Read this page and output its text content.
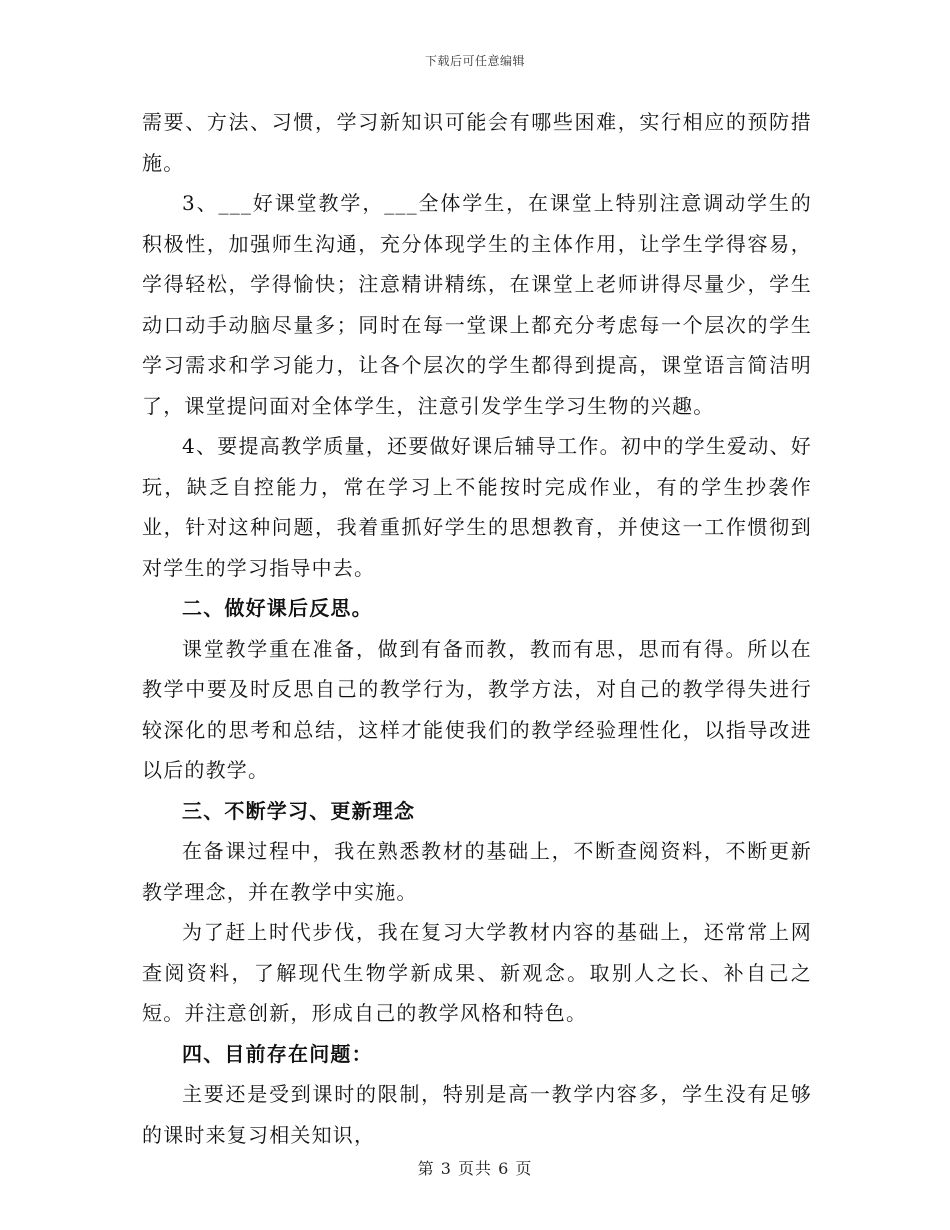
下载后可任意编辑

需要、方法、习惯，学习新知识可能会有哪些困难，实行相应的预防措施。

3、___好课堂教学，___全体学生，在课堂上特别注意调动学生的积极性，加强师生沟通，充分体现学生的主体作用，让学生学得容易，学得轻松，学得愉快；注意精讲精练，在课堂上老师讲得尽量少，学生动口动手动脑尽量多；同时在每一堂课上都充分考虑每一个层次的学生学习需求和学习能力，让各个层次的学生都得到提高，课堂语言简洁明了，课堂提问面对全体学生，注意引发学生学习生物的兴趣。

4、要提高教学质量，还要做好课后辅导工作。初中的学生爱动、好玩，缺乏自控能力，常在学习上不能按时完成作业，有的学生抄袭作业，针对这种问题，我着重抓好学生的思想教育，并使这一工作惯彻到对学生的学习指导中去。

二、做好课后反思。

课堂教学重在准备，做到有备而教，教而有思，思而有得。所以在教学中要及时反思自己的教学行为，教学方法，对自己的教学得失进行较深化的思考和总结，这样才能使我们的教学经验理性化，以指导改进以后的教学。

三、不断学习、更新理念

在备课过程中，我在熟悉教材的基础上，不断查阅资料，不断更新教学理念，并在教学中实施。

为了赶上时代步伐，我在复习大学教材内容的基础上，还常常上网查阅资料，了解现代生物学新成果、新观念。取别人之长、补自己之短。并注意创新，形成自己的教学风格和特色。

四、目前存在问题：

主要还是受到课时的限制，特别是高一教学内容多，学生没有足够的课时来复习相关知识，

第 3 页共 6 页
